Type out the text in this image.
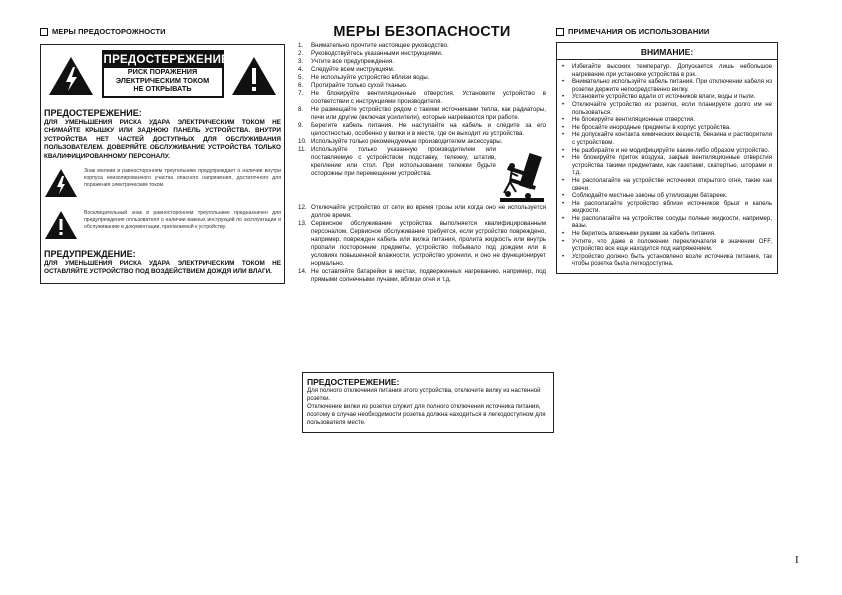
МЕРЫ ПРЕДОСТОРОЖНОСТИ
ПРЕДОСТЕРЕЖЕНИЕ
РИСК ПОРАЖЕНИЯ
ЭЛЕКТРИЧЕСКИМ ТОКОМ
НЕ ОТКРЫВАТЬ
ПРЕДОСТЕРЕЖЕНИЕ:
ДЛЯ УМЕНЬШЕНИЯ РИСКА УДАРА ЭЛЕКТРИЧЕСКИМ ТОКОМ НЕ СНИМАЙТЕ КРЫШКУ ИЛИ ЗАДНЮЮ ПАНЕЛЬ УСТРОЙСТВА. ВНУТРИ УСТРОЙСТВА НЕТ ЧАСТЕЙ ДОСТУПНЫХ ДЛЯ ОБСЛУЖИВАНИЯ ПОЛЬЗОВАТЕЛЕМ. ДОВЕРЯЙТЕ ОБСЛУЖИВАНИЕ УСТРОЙСТВА ТОЛЬКО КВАЛИФИЦИРОВАННОМУ ПЕРСОНАЛУ.
Знак молнии в равностороннем треугольнике предупреждает о наличии внутри корпуса неизолированного участка опасного напряжения, достаточного для поражения электрическим током.
Восклицательный знак в равностороннем треугольнике предназначен для предупреждения пользователя о наличии важных инструкций по эксплуатации и обслуживанию в документации, прилагаемой к устройству.
ПРЕДУПРЕЖДЕНИЕ:
ДЛЯ УМЕНЬШЕНИЯ РИСКА УДАРА ЭЛЕКТРИЧЕСКИМ ТОКОМ НЕ ОСТАВЛЯЙТЕ УСТРОЙСТВО ПОД ВОЗДЕЙСТВИЕМ ДОЖДЯ ИЛИ ВЛАГИ.
МЕРЫ БЕЗОПАСНОСТИ
1.	Внимательно прочтите настоящее руководство.
2.	Руководствуйтесь указанными инструкциями.
3.	Учтите все предупреждения.
4.	Следуйте всем инструкциям.
5.	Не используйте устройство вблизи воды.
6.	Протирайте только сухой тканью.
7.	Не блокируйте вентиляционные отверстия. Установите устройство в соответствии с инструкциями производителя.
8.	Не размещайте устройство рядом с такими источниками тепла, как радиаторы, печи или другие (включая усилители), которые нагреваются при работе.
9.	Берегите кабель питания. Не наступайте на кабель и следите за его целостностью, особенно у вилки и в месте, где он выходит из устройства.
10. Используйте только рекомендуемые производителем аксессуары.
11. Используйте только указанную производителем или поставляемую с устройством подставку, тележку, штатив, крепление или стол. При использовании тележки будьте осторожны при перемещении устройства.
12. Отключайте устройство от сети во время грозы или когда оно не используется долгое время.
13. Сервисное обслуживание устройства выполняется квалифицированным персоналом. Сервисное обслуживание требуется, если устройство повреждено, например, поврежден кабель или вилка питания, пролита жидкость или внутрь пропали посторонние предметы, устройство побывало под дождем или в условиях повышенной влажности, устройство уронили, и оно не функционирует нормально.
14. Не оставляйте батарейки в местах, подверженных нагреванию, например, под прямыми солнечными лучами, вблизи огня и т.д.
ПРЕДОСТЕРЕЖЕНИЕ:
Для полного отключения питания этого устройства, отключите вилку из настенной розетки.
Отключение вилки из розетки служит для полного отключения источника питания, поэтому в случае необходимости розетка должна находиться в легкодоступном для пользователя месте.
ПРИМЕЧАНИЯ ОБ ИСПОЛЬЗОВАНИИ
ВНИМАНИЕ:
•	Избегайте высоких температур. Допускается лишь небольшое нагревание при установке устройства в рэк.
•	Внимательно используйте кабель питания. При отключении кабеля из розетки держите непосредственно вилку.
•	Установите устройство вдали от источников влаги, воды и пыли.
•	Отключайте устройство из розетки, если планируете долго им не пользоваться.
•	Не блокируйте вентиляционные отверстия.
•	Не бросайте инородные предметы в корпус устройства.
•	Не допускайте контакта химических веществ, бензина и растворителя с устройством.
•	Не разбирайте и не модифицируйте каким-либо образом устройство.
•	Не блокируйте приток воздуха, закрыв вентиляционные отверстия устройства такими предметами, как газетами, скатертью, шторами и т.д.
•	Не располагайте на устройстве источники открытого огня, такие как свечи.
•	Соблюдайте местные законы об утилизации батареек.
•	Не располагайте устройство вблизи источников брызг и капель жидкости.
•	Не располагайте на устройстве сосуды полные жидкости, например, вазы.
•	Не беритесь влажными руками за кабель питания.
•	Учтите, что даже в положении переключателя в значении OFF, устройство все еще находится под напряжением.
•	Устройство должно быть установлено возле источника питания, так чтобы розетка была легкодоступна.
I
